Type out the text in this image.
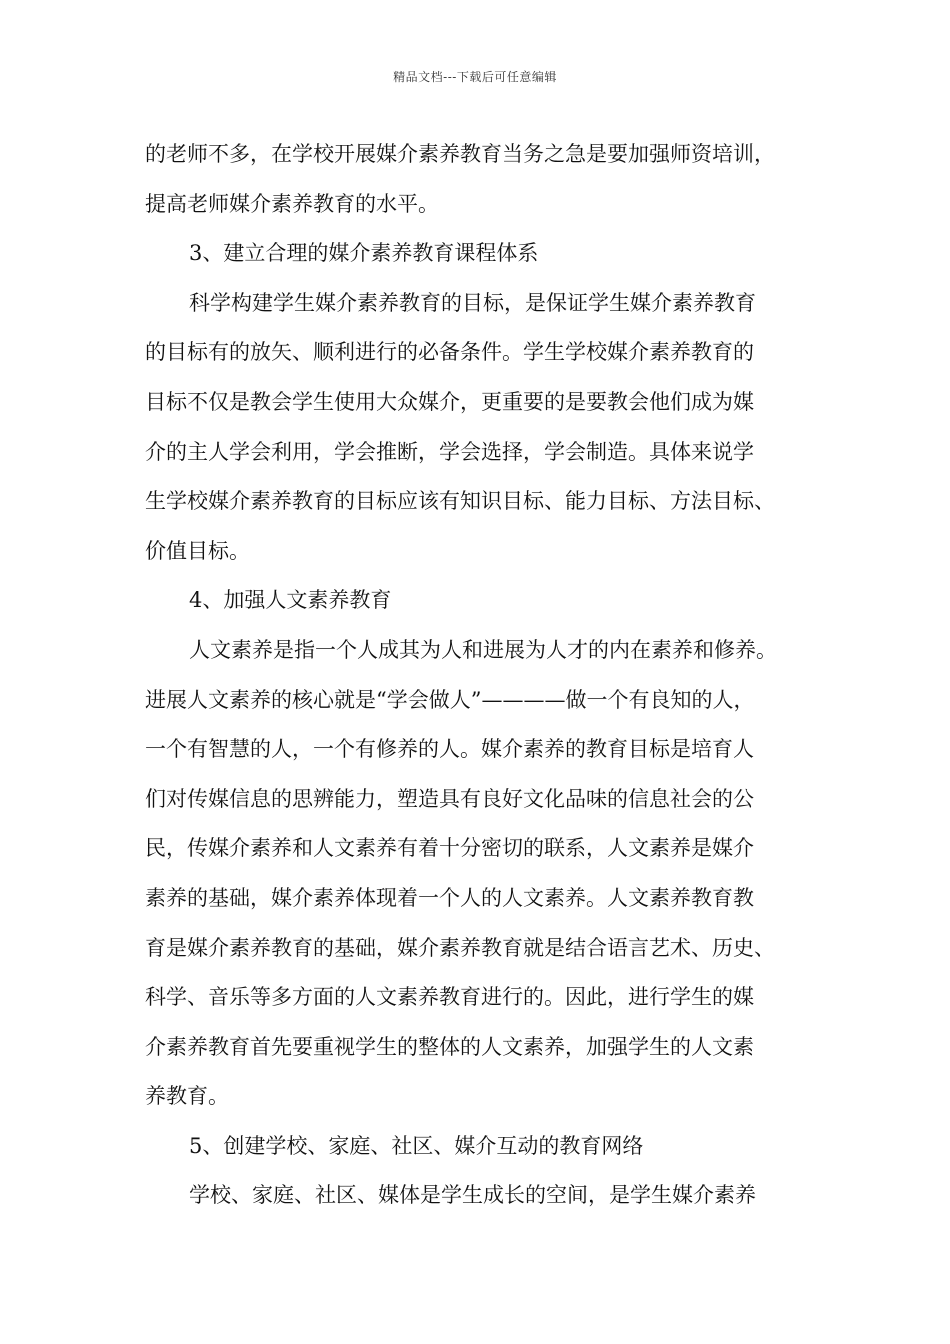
精品文档---下载后可任意编辑
的老师不多，在学校开展媒介素养教育当务之急是要加强师资培训，
提高老师媒介素养教育的水平。
3、建立合理的媒介素养教育课程体系
科学构建学生媒介素养教育的目标，是保证学生媒介素养教育
的目标有的放矢、顺利进行的必备条件。学生学校媒介素养教育的
目标不仅是教会学生使用大众媒介，更重要的是要教会他们成为媒
介的主人学会利用，学会推断，学会选择，学会制造。具体来说学
生学校媒介素养教育的目标应该有知识目标、能力目标、方法目标、
价值目标。
4、加强人文素养教育
人文素养是指一个人成其为人和进展为人才的内在素养和修养。
进展人文素养的核心就是“学会做人”————做一个有良知的人，
一个有智慧的人，一个有修养的人。媒介素养的教育目标是培育人
们对传媒信息的思辨能力，塑造具有良好文化品味的信息社会的公
民，传媒介素养和人文素养有着十分密切的联系，人文素养是媒介
素养的基础，媒介素养体现着一个人的人文素养。人文素养教育教
育是媒介素养教育的基础，媒介素养教育就是结合语言艺术、历史、
科学、音乐等多方面的人文素养教育进行的。因此，进行学生的媒
介素养教育首先要重视学生的整体的人文素养，加强学生的人文素
养教育。
5、创建学校、家庭、社区、媒介互动的教育网络
学校、家庭、社区、媒体是学生成长的空间，是学生媒介素养
